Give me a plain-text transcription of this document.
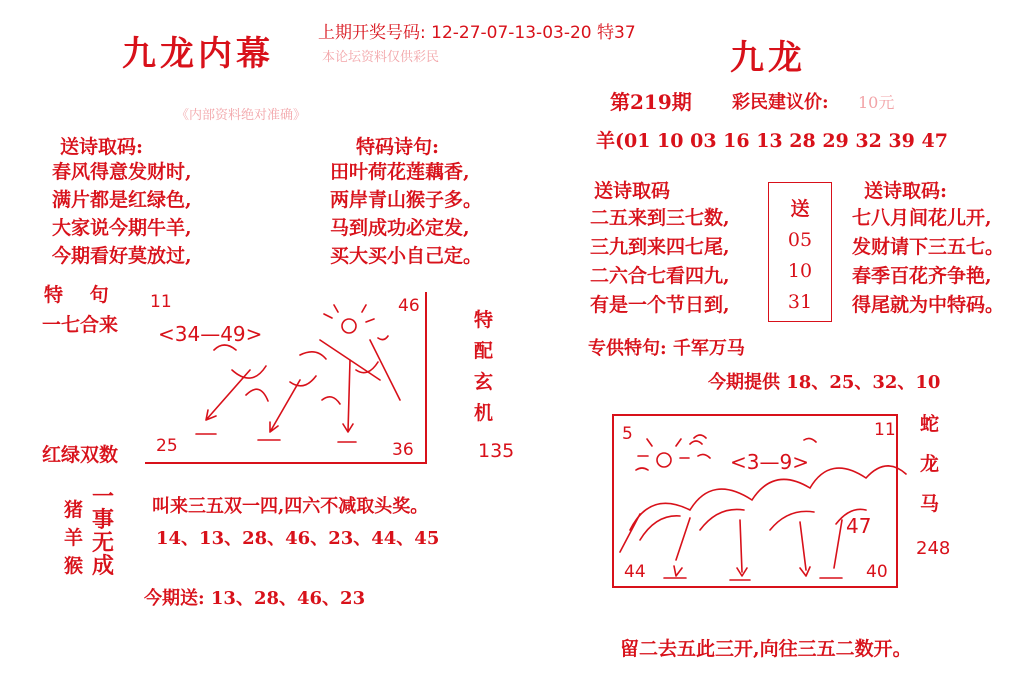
上期开奖号码: 12-27-07-13-03-20 特37
九龙内幕	本论坛资料仅供彩民
《内部资料绝对准确》
送诗取码:
春风得意发财时,
满片都是红绿色,
大家说今期牛羊,
今期看好莫放过,
特码诗句:
田叶荷花莲藕香,
两岸青山猴子多。
马到成功必定发,
买大买小自己定。
特 句
一七合来
11	46
25	36
<34—49>
特
配
玄
机
红绿双数	135
猪
羊
猴
一
事
无
成
叫来三五双一四,四六不减取头奖。
14、13、28、46、23、44、45
今期送: 13、28、46、23
九龙
第219期 彩民建议价: 10元
羊(01 10 03 16 13 28 29 32 39 47
送诗取码
二五来到三七数,
三九到来四七尾,
二六合七看四九,
有是一个节日到,
送
05
10
31
送诗取码:
七八月间花儿开,
发财请下三五七。
春季百花齐争艳,
得尾就为中特码。
专供特句: 千军万马
今期提供 18、25、32、10
5	11
44	40
<3—9>
47
蛇
龙
马
248
留二去五此三开,向往三五二数开。
